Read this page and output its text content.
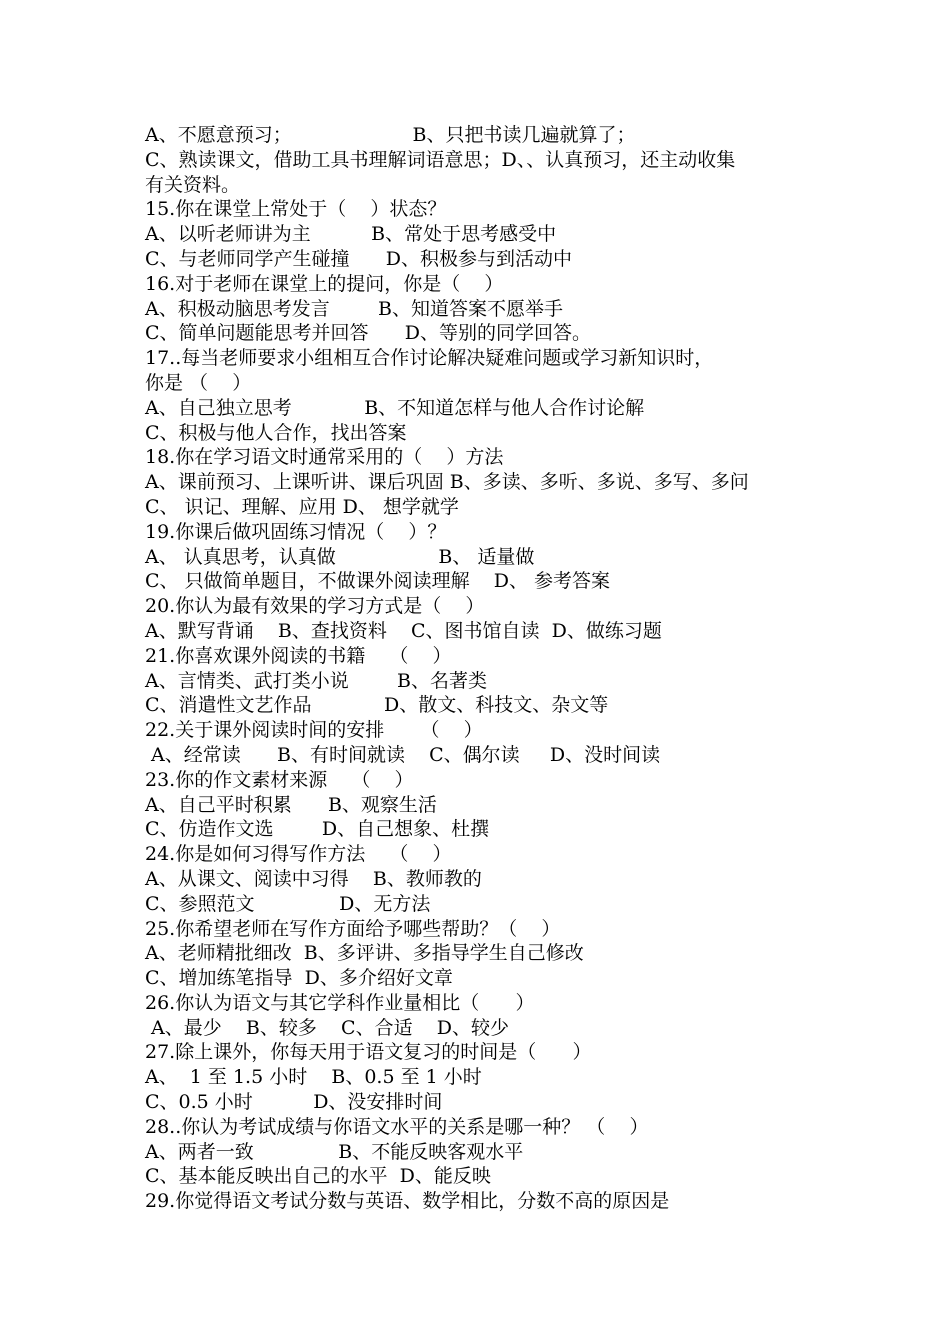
A、不愿意预习；                    B、只把书读几遍就算了；
C、熟读课文，借助工具书理解词语意思；D、、认真预习，还主动收集
有关资料。
15.你在课堂上常处于（    ）状态？
A、以听老师讲为主          B、常处于思考感受中
C、与老师同学产生碰撞      D、积极参与到活动中
16.对于老师在课堂上的提问，你是（    ）
A、积极动脑思考发言        B、知道答案不愿举手
C、简单问题能思考并回答      D、等别的同学回答。
17..每当老师要求小组相互合作讨论解决疑难问题或学习新知识时，
你是 （    ）
A、自己独立思考            B、不知道怎样与他人合作讨论解
C、积极与他人合作，找出答案
18.你在学习语文时通常采用的（    ）方法
A、课前预习、上课听讲、课后巩固 B、多读、多听、多说、多写、多问
C、 识记、理解、应用 D、 想学就学
19.你课后做巩固练习情况（    ）？
A、 认真思考，认真做                 B、 适量做
C、 只做简单题目，不做课外阅读理解    D、 参考答案
20.你认为最有效果的学习方式是（    ）
A、默写背诵    B、查找资料    C、图书馆自读  D、做练习题
21.你喜欢课外阅读的书籍    （    ）
A、言情类、武打类小说        B、名著类
C、消遣性文艺作品            D、散文、科技文、杂文等
22.关于课外阅读时间的安排      （    ）
A、经常读      B、有时间就读    C、偶尔读     D、没时间读
23.你的作文素材来源    （    ）
A、自己平时积累      B、观察生活
C、仿造作文选        D、自己想象、杜撰
24.你是如何习得写作方法    （    ）
A、从课文、阅读中习得    B、教师教的
C、参照范文              D、无方法
25.你希望老师在写作方面给予哪些帮助？（    ）
A、老师精批细改  B、多评讲、多指导学生自己修改
C、增加练笔指导  D、多介绍好文章
26.你认为语文与其它学科作业量相比（      ）
A、最少    B、较多    C、合适    D、较少
27.除上课外，你每天用于语文复习的时间是（      ）
A、  1 至 1.5 小时    B、0.5 至 1 小时
C、0.5 小时          D、没安排时间
28..你认为考试成绩与你语文水平的关系是哪一种？ （    ）
A、两者一致              B、不能反映客观水平
C、基本能反映出自己的水平  D、能反映
29.你觉得语文考试分数与英语、数学相比，分数不高的原因是
